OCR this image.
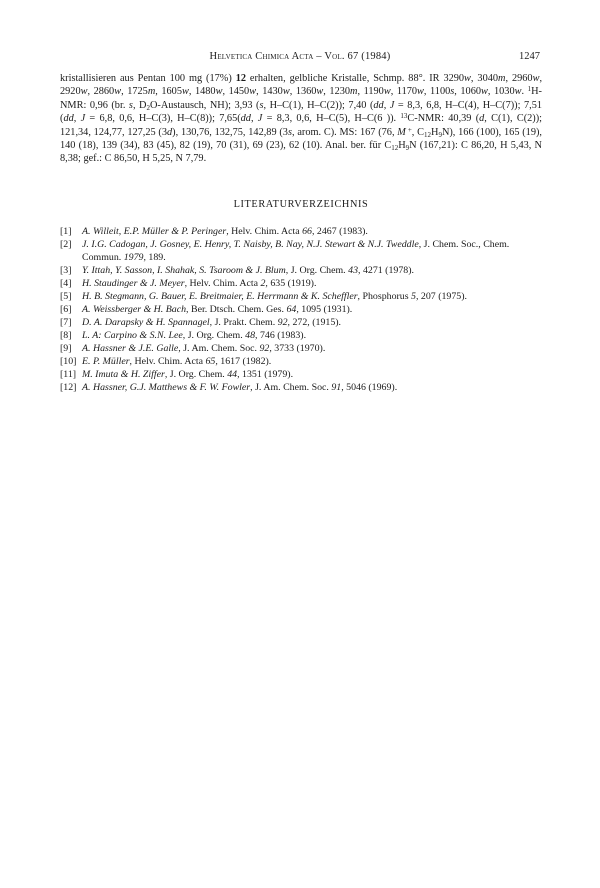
Helvetica Chimica Acta – Vol. 67 (1984)	1247

kristallisieren aus Pentan 100 mg (17%) 12 erhalten, gelbliche Kristalle, Schmp. 88°. IR 3290w, 3040m, 2960w, 2920w, 2860w, 1725m, 1605w, 1480w, 1450w, 1430w, 1360w, 1230m, 1190w, 1170w, 1100s, 1060w, 1030w. $^1$H-NMR: 0,96 (br. s, $D_2O$-Austausch, NH); 3,93 (s, H–C(1), H–C(2)); 7,40 (dd, J = 8,3, 6,8, H–C(4), H–C(7)); 7,51 (dd, J = 6,8, 0,6, H–C(3), H–C(8)); 7,65(dd, J = 8,3, 0,6, H–C(5), H–C(6 )). $^{13}$C-NMR: 40,39 (d, C(1), C(2)); 121,34, 124,77, 127,25 (3d), 130,76, 132,75, 142,89 (3s, arom. C). MS: 167 (76, M +, $C_{12}H_9N$), 166 (100), 165 (19), 140 (18), 139 (34), 83 (45), 82 (19), 70 (31), 69 (23), 62 (10). Anal. ber. für $C_{12}H_9N$ (167,21): C 86,20, H 5,43, N 8,38; gef.: C 86,50, H 5,25, N 7,79.

LITERATURVERZEICHNIS
[1]	A. Willeit, E.P. Müller & P. Peringer, Helv. Chim. Acta 66, 2467 (1983).
[2]	J. I.G. Cadogan, J. Gosney, E. Henry, T. Naisby, B. Nay, N.J. Stewart & N.J. Tweddle, J. Chem. Soc., Chem. Commun. 1979, 189.
[3]	Y. Ittah, Y. Sasson, I. Shahak, S. Tsaroom & J. Blum, J. Org. Chem. 43, 4271 (1978).
[4]	H. Staudinger & J. Meyer, Helv. Chim. Acta 2, 635 (1919).
[5]	H. B. Stegmann, G. Bauer, E. Breitmaier, E. Herrmann & K. Scheffler, Phosphorus 5, 207 (1975).
[6]	A. Weissberger & H. Bach, Ber. Dtsch. Chem. Ges. 64, 1095 (1931).
[7]	D. A. Darapsky & H. Spannagel, J. Prakt. Chem. 92, 272, (1915).
[8]	L. A: Carpino & S.N. Lee, J. Org. Chem. 48, 746 (1983).
[9]	A. Hassner & J.E. Galle, J. Am. Chem. Soc. 92, 3733 (1970).
[10] E. P. Müller, Helv. Chim. Acta 65, 1617 (1982).
[11] M. Imuta & H. Ziffer, J. Org. Chem. 44, 1351 (1979).
[12] A. Hassner, G.J. Matthews & F. W. Fowler, J. Am. Chem. Soc. 91, 5046 (1969).
